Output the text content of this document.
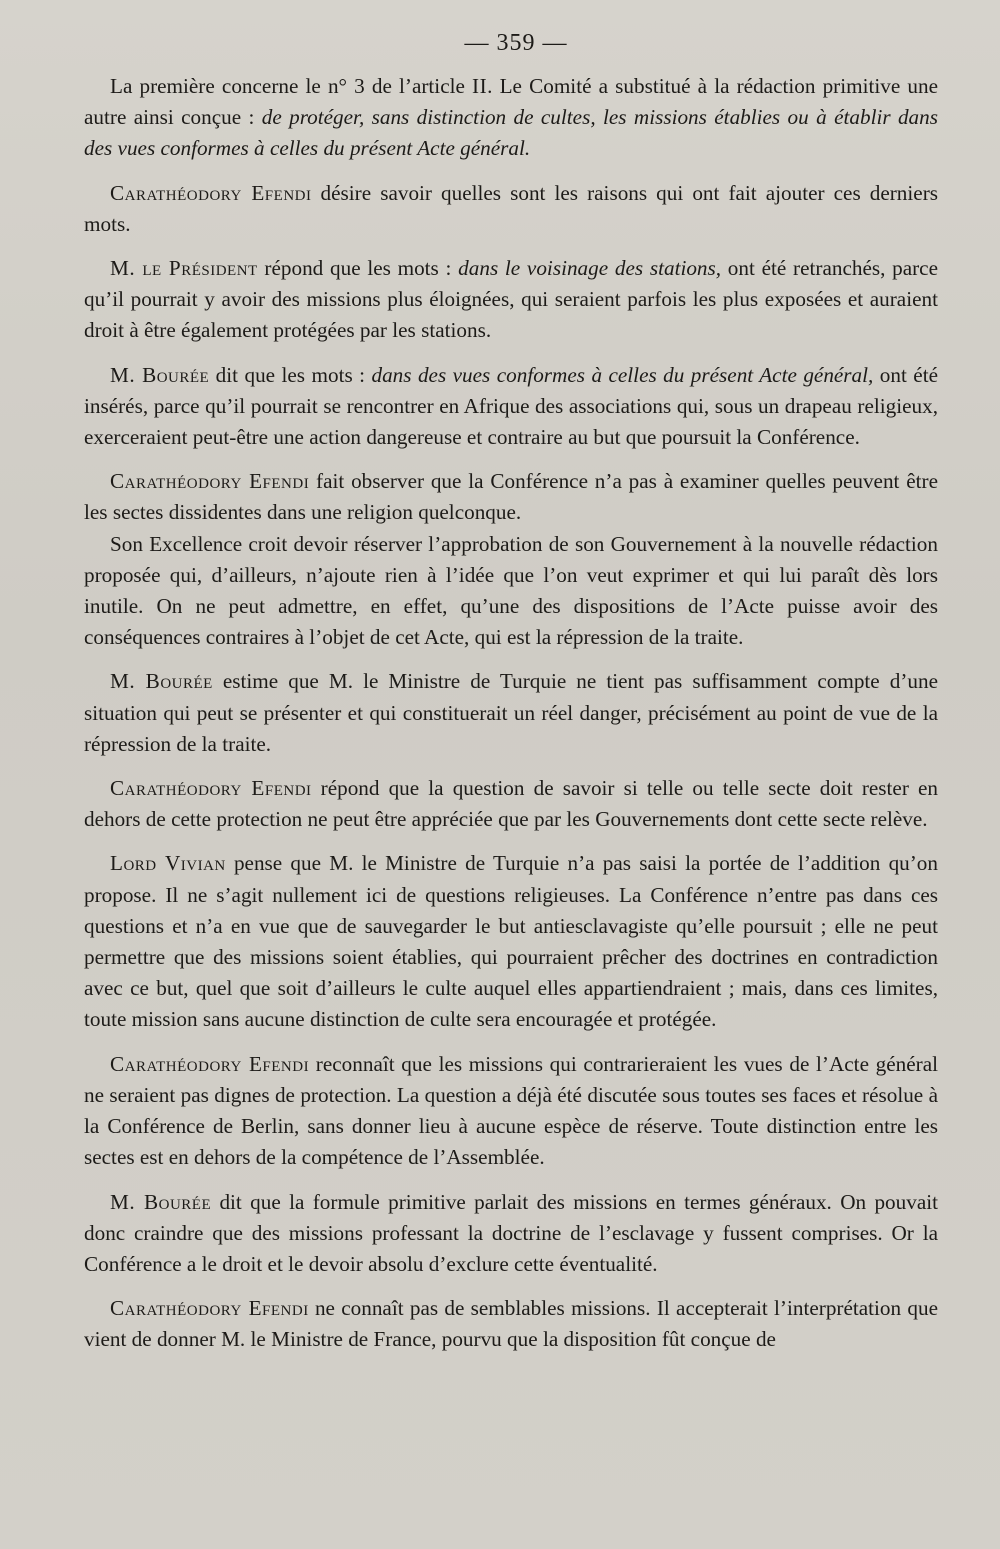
— 359 —

La première concerne le n° 3 de l’article II. Le Comité a substitué à la rédaction primitive une autre ainsi conçue : de protéger, sans distinction de cultes, les missions établies ou à établir dans des vues conformes à celles du présent Acte général.

Carathéodory Efendi désire savoir quelles sont les raisons qui ont fait ajouter ces derniers mots.

M. le Président répond que les mots : dans le voisinage des stations, ont été retranchés, parce qu’il pourrait y avoir des missions plus éloignées, qui seraient parfois les plus exposées et auraient droit à être également protégées par les stations.

M. Bourée dit que les mots : dans des vues conformes à celles du présent Acte général, ont été insérés, parce qu’il pourrait se rencontrer en Afrique des associations qui, sous un drapeau religieux, exerceraient peut-être une action dangereuse et contraire au but que poursuit la Conférence.

Carathéodory Efendi fait observer que la Conférence n’a pas à examiner quelles peuvent être les sectes dissidentes dans une religion quelconque.

Son Excellence croit devoir réserver l’approbation de son Gouvernement à la nouvelle rédaction proposée qui, d’ailleurs, n’ajoute rien à l’idée que l’on veut exprimer et qui lui paraît dès lors inutile. On ne peut admettre, en effet, qu’une des dispositions de l’Acte puisse avoir des conséquences contraires à l’objet de cet Acte, qui est la répression de la traite.

M. Bourée estime que M. le Ministre de Turquie ne tient pas suffisamment compte d’une situation qui peut se présenter et qui constituerait un réel danger, précisément au point de vue de la répression de la traite.

Carathéodory Efendi répond que la question de savoir si telle ou telle secte doit rester en dehors de cette protection ne peut être appréciée que par les Gouvernements dont cette secte relève.

Lord Vivian pense que M. le Ministre de Turquie n’a pas saisi la portée de l’addition qu’on propose. Il ne s’agit nullement ici de questions religieuses. La Conférence n’entre pas dans ces questions et n’a en vue que de sauvegarder le but antiesclavagiste qu’elle poursuit ; elle ne peut permettre que des missions soient établies, qui pourraient prêcher des doctrines en contradiction avec ce but, quel que soit d’ailleurs le culte auquel elles appartiendraient ; mais, dans ces limites, toute mission sans aucune distinction de culte sera encouragée et protégée.

Carathéodory Efendi reconnaît que les missions qui contrarieraient les vues de l’Acte général ne seraient pas dignes de protection. La question a déjà été discutée sous toutes ses faces et résolue à la Conférence de Berlin, sans donner lieu à aucune espèce de réserve. Toute distinction entre les sectes est en dehors de la compétence de l’Assemblée.

M. Bourée dit que la formule primitive parlait des missions en termes généraux. On pouvait donc craindre que des missions professant la doctrine de l’esclavage y fussent comprises. Or la Conférence a le droit et le devoir absolu d’exclure cette éventualité.

Carathéodory Efendi ne connaît pas de semblables missions. Il accepterait l’interprétation que vient de donner M. le Ministre de France, pourvu que la disposition fût conçue de
